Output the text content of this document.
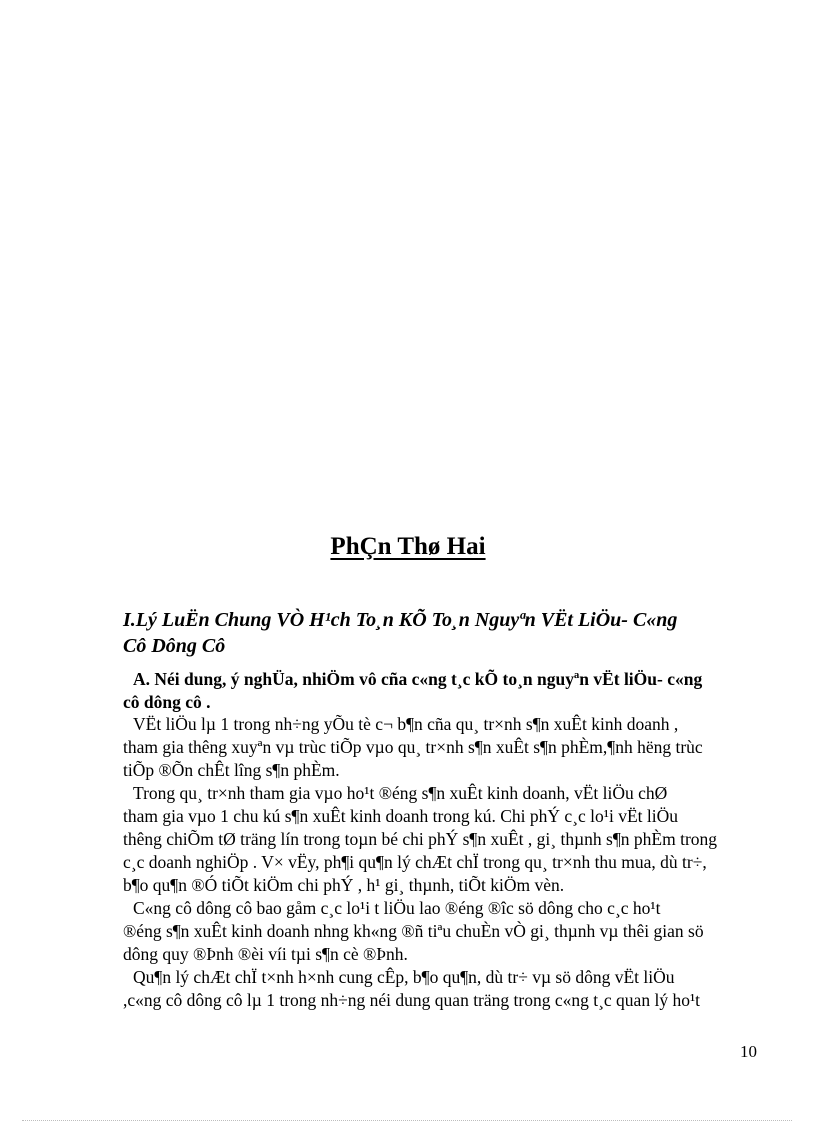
PhÇn Thø Hai
I.Lý LuËn Chung VÒ H¹ch To¸n KÕ To¸n Nguyªn VËt LiÖu- C«ng
Cô Dông Cô
A. Néi dung, ý nghÜa, nhiÖm vô cña c«ng t¸c kÕ to¸n nguyªn vËt liÖu- c«ng
cô dông cô .
VËt liÖu lµ 1 trong nh÷ng yÕu tè c¬ b¶n cña qu¸ tr×nh s¶n xuÊt kinh doanh ,
tham gia thêng xuyªn vµ trùc tiÕp vµo qu¸ tr×nh s¶n xuÊt s¶n phÈm,¶nh hëng trùc
tiÕp ®Õn chÊt lîng s¶n phÈm.
Trong qu¸ tr×nh tham gia vµo ho¹t ®éng s¶n xuÊt kinh doanh, vËt liÖu chØ
tham gia vµo 1 chu kú s¶n xuÊt kinh doanh trong kú. Chi phÝ c¸c lo¹i vËt liÖu
thêng chiÕm tØ träng lín trong toµn bé chi phÝ s¶n xuÊt , gi¸ thµnh s¶n phÈm trong
c¸c doanh nghiÖp . V× vËy, ph¶i qu¶n lý chÆt chÏ trong qu¸ tr×nh thu mua, dù tr÷,
b¶o qu¶n ®Ó tiÕt kiÖm chi phÝ , h¹ gi¸ thµnh, tiÕt kiÖm vèn.
C«ng cô dông cô bao gåm c¸c lo¹i t liÖu lao ®éng ®îc sö dông cho c¸c ho¹t
®éng s¶n xuÊt kinh doanh nhng kh«ng ®ñ tiªu chuÈn vÒ gi¸ thµnh vµ thêi gian sö
dông quy ®Þnh ®èi víi tµi s¶n cè ®Þnh.
Qu¶n lý chÆt chÏ t×nh h×nh cung cÊp, b¶o qu¶n, dù tr÷ vµ sö dông vËt liÖu
,c«ng cô dông cô lµ 1 trong nh÷ng néi dung quan träng trong c«ng t¸c quan lý ho¹t
10
